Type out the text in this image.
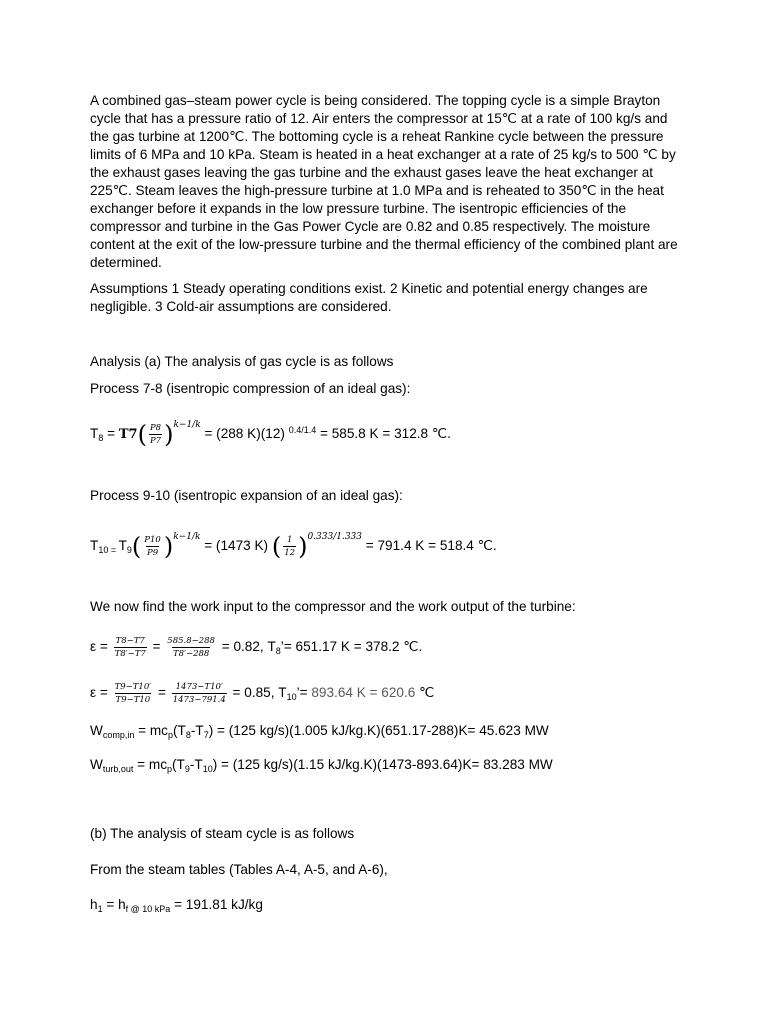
A combined gas–steam power cycle is being considered. The topping cycle is a simple Brayton cycle that has a pressure ratio of 12. Air enters the compressor at 15℃ at a rate of 100 kg/s and the gas turbine at 1200℃. The bottoming cycle is a reheat Rankine cycle between the pressure limits of 6 MPa and 10 kPa. Steam is heated in a heat exchanger at a rate of 25 kg/s to 500 ℃ by the exhaust gases leaving the gas turbine and the exhaust gases leave the heat exchanger at 225℃. Steam leaves the high-pressure turbine at 1.0 MPa and is reheated to 350℃ in the heat exchanger before it expands in the low pressure turbine. The isentropic efficiencies of the compressor and turbine in the Gas Power Cycle are 0.82 and 0.85 respectively. The moisture content at the exit of the low-pressure turbine and the thermal efficiency of the combined plant are determined.

Assumptions 1 Steady operating conditions exist. 2 Kinetic and potential energy changes are negligible. 3 Cold-air assumptions are considered.

Analysis (a) The analysis of gas cycle is as follows
Process 7-8 (isentropic compression of an ideal gas):
$T_8 = T7( \frac{P8}{P7} )^{k-1/k} = (288$ K)(12) $^{0.4/1.4}$ = 585.8 K = 312.8 ℃.
Process 9-10 (isentropic expansion of an ideal gas):
$T_{10 =}$ $T_9( \frac{P10}{P9} )^{k-1/k} = (1473$ K) ( $\frac{1}{12} )^{0.333/1.333} = 791.4$ K = 518.4 ℃.
We now find the work input to the compressor and the work output of the turbine:
$\varepsilon = \frac{T8-T7}{T8'-T7} = \frac{585.8-288}{T8'-288} = 0.82$, $T_8’= 651.17$ K = 378.2 ℃.
$\varepsilon = \frac{T9-T10'}{T9-T10} = \frac{1473-T10'}{1473-791.4} = 0.85$, $T_{10}’= 893.64$ K = 620.6 ℃
$W_{comp,in} = mc_p(T_8-T_7) = (125$ kg/s)(1.005 kJ/kg.K)(651.17-288)K= 45.623 MW
$W_{turb,out} = mc_p(T_9-T_{10}) = (125$ kg/s)(1.15 kJ/kg.K)(1473-893.64)K= 83.283 MW
(b) The analysis of steam cycle is as follows
From the steam tables (Tables A-4, A-5, and A-6),
$h_1 = h_{f @ 10 kPa} = 191.81$ kJ/kg
